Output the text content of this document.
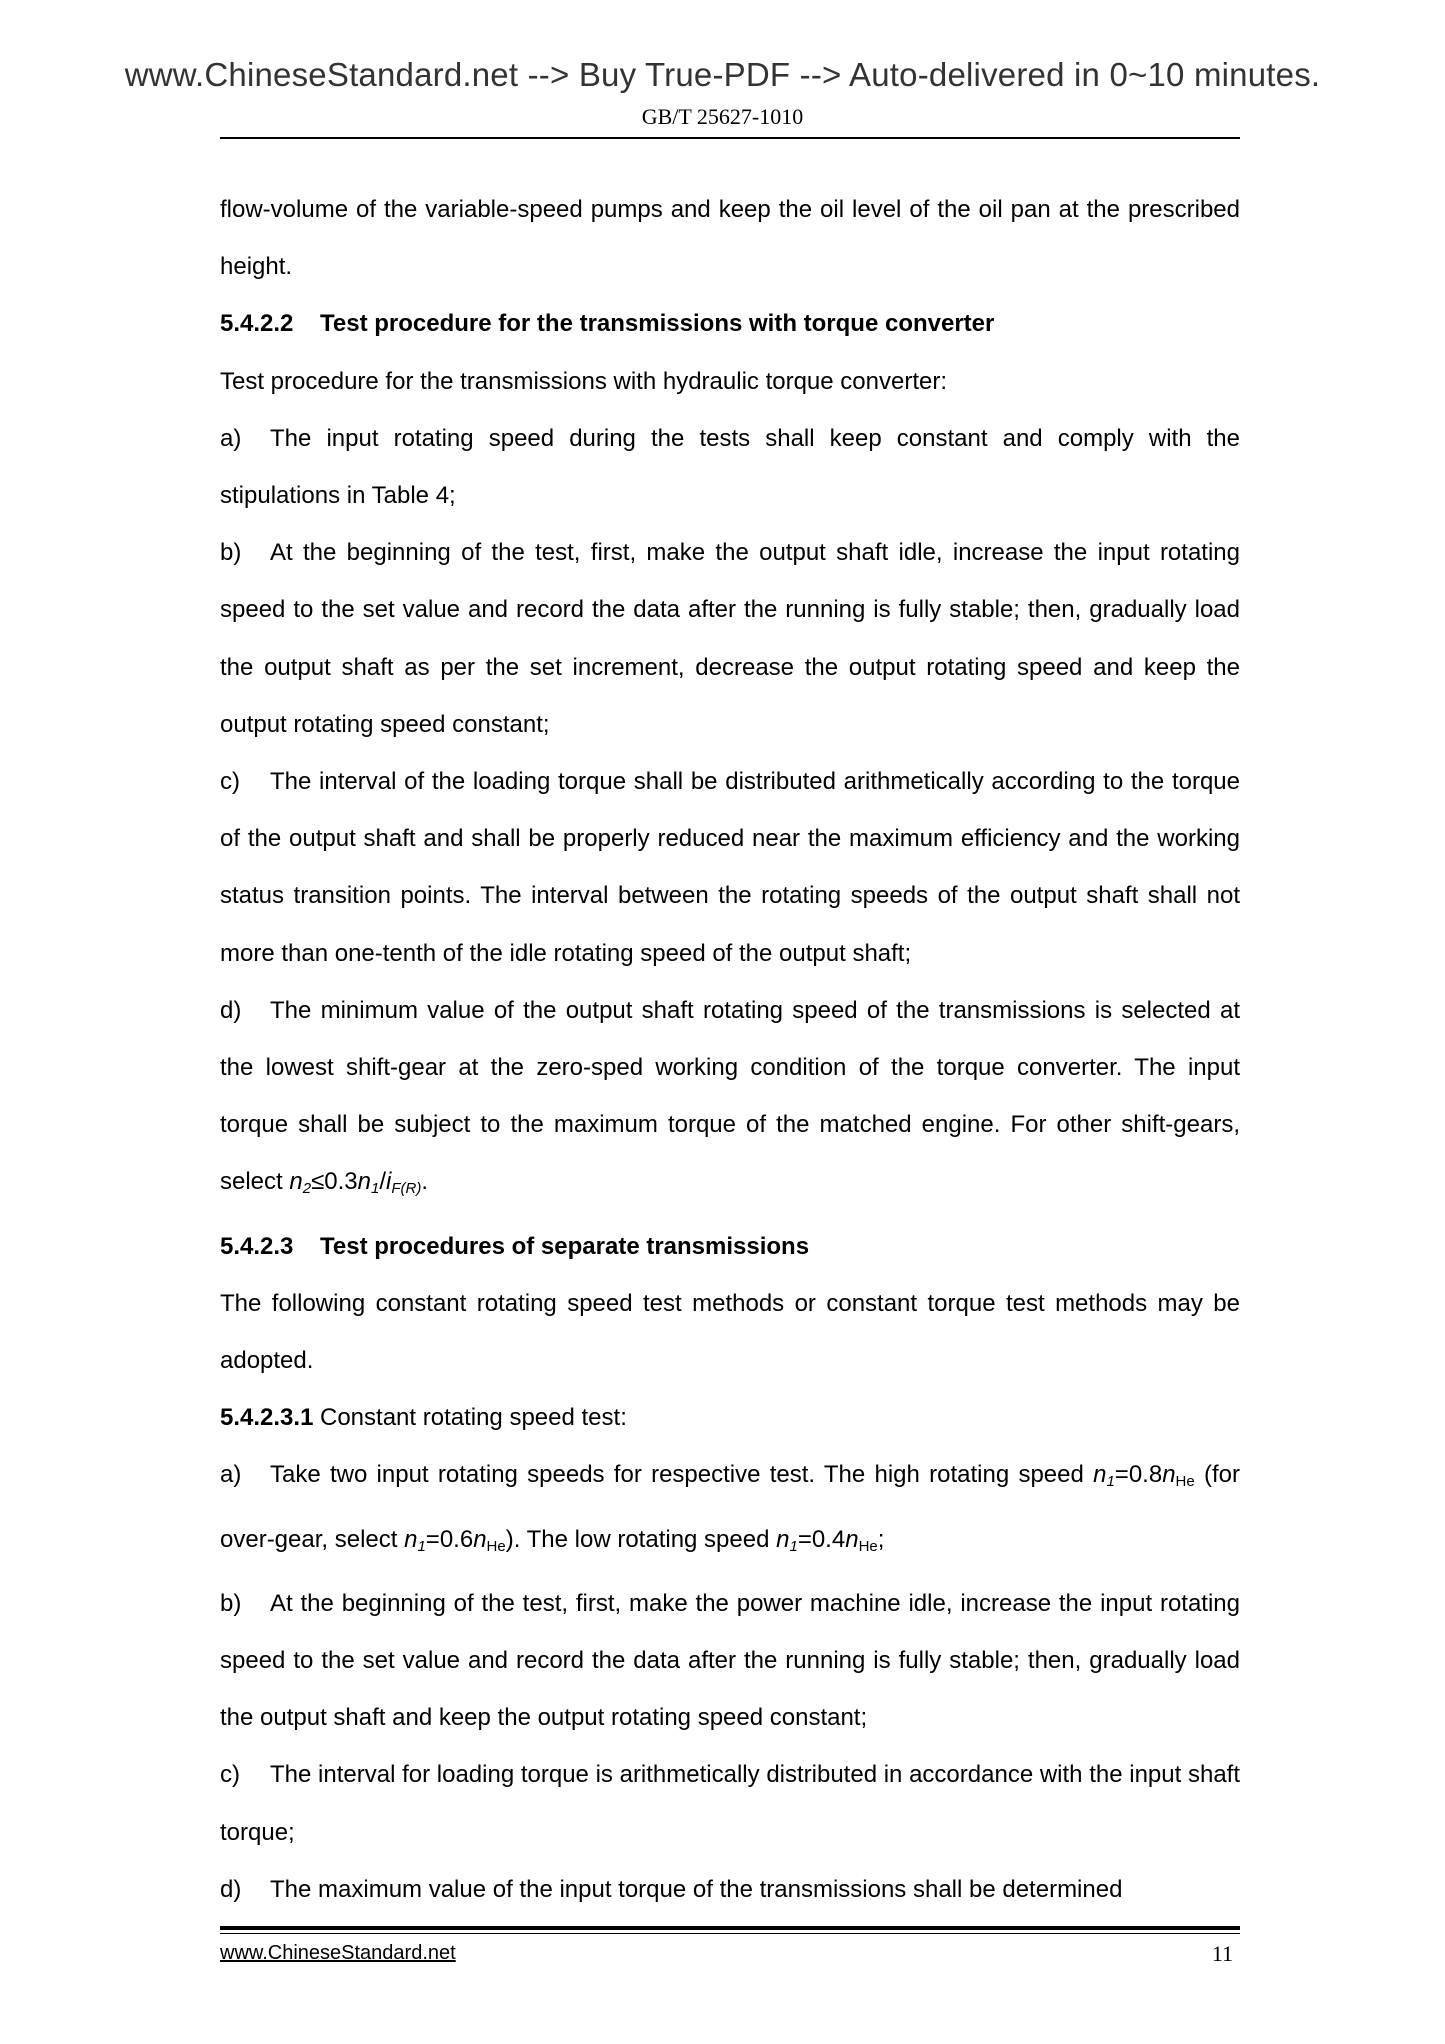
www.ChineseStandard.net --> Buy True-PDF --> Auto-delivered in 0~10 minutes.
GB/T 25627-1010

flow-volume of the variable-speed pumps and keep the oil level of the oil pan at the prescribed height.

5.4.2.2 Test procedure for the transmissions with torque converter

Test procedure for the transmissions with hydraulic torque converter:

a) The input rotating speed during the tests shall keep constant and comply with the stipulations in Table 4;

b) At the beginning of the test, first, make the output shaft idle, increase the input rotating speed to the set value and record the data after the running is fully stable; then, gradually load the output shaft as per the set increment, decrease the output rotating speed and keep the output rotating speed constant;

c) The interval of the loading torque shall be distributed arithmetically according to the torque of the output shaft and shall be properly reduced near the maximum efficiency and the working status transition points. The interval between the rotating speeds of the output shaft shall not more than one-tenth of the idle rotating speed of the output shaft;

d) The minimum value of the output shaft rotating speed of the transmissions is selected at the lowest shift-gear at the zero-sped working condition of the torque converter. The input torque shall be subject to the maximum torque of the matched engine. For other shift-gears, select $n_2\le 0.3n_1/i_{F(R)}$.

5.4.2.3 Test procedures of separate transmissions

The following constant rotating speed test methods or constant torque test methods may be adopted.

5.4.2.3.1 Constant rotating speed test:

a) Take two input rotating speeds for respective test. The high rotating speed $n_1=0.8n_{He}$ (for over-gear, select $n_1=0.6n_{He}$). The low rotating speed $n_1=0.4n_{He}$;

b) At the beginning of the test, first, make the power machine idle, increase the input rotating speed to the set value and record the data after the running is fully stable; then, gradually load the output shaft and keep the output rotating speed constant;

c) The interval for loading torque is arithmetically distributed in accordance with the input shaft torque;

d) The maximum value of the input torque of the transmissions shall be determined

www.ChineseStandard.net	11
